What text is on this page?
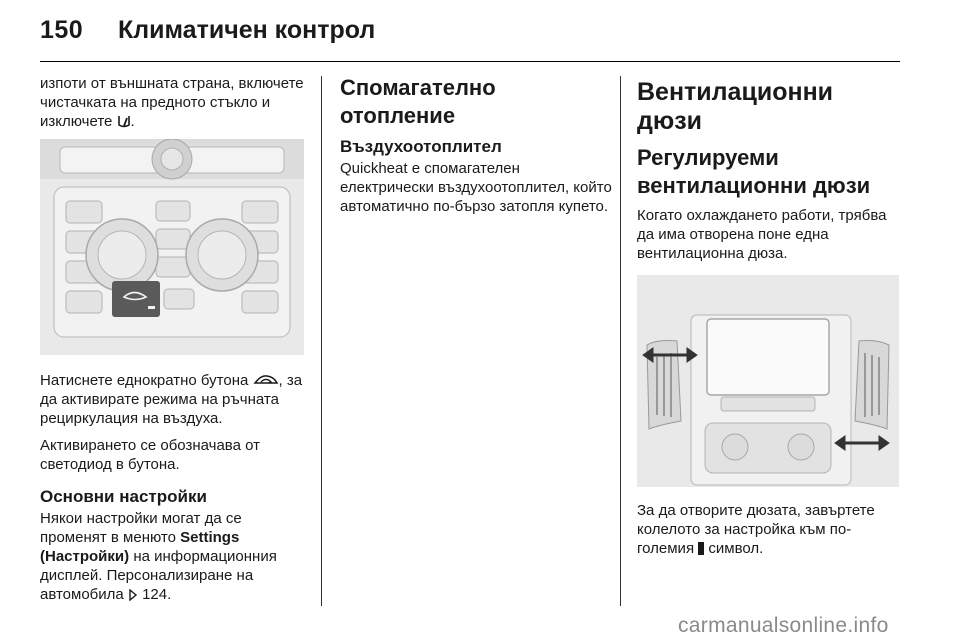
150 Климатичен контрол

изпоти от външната страна, включете чистачката на предното стъкло и изключете .

Натиснете еднократно бутона , за да активирате режима на ръчната рециркулация на въздуха.

Активирането се обозначава от светодиод в бутона.

Основни настройки

Някои настройки могат да се променят в менюто Settings (Настройки) на информационния дисплей. Персонализиране на автомобила 124.

Спомагателно отопление
Въздухоотоплител

Quickheat е спомагателен електрически въздухоотоплител, който автоматично по-бързо затопля купето.

Вентилационни дюзи
Регулируеми вентилационни дюзи

Когато охлаждането работи, трябва да има отворена поне една вентилационна дюза.

За да отворите дюзата, завъртете колелото за настройка към по-големия символ.

carmanualsonline.info
